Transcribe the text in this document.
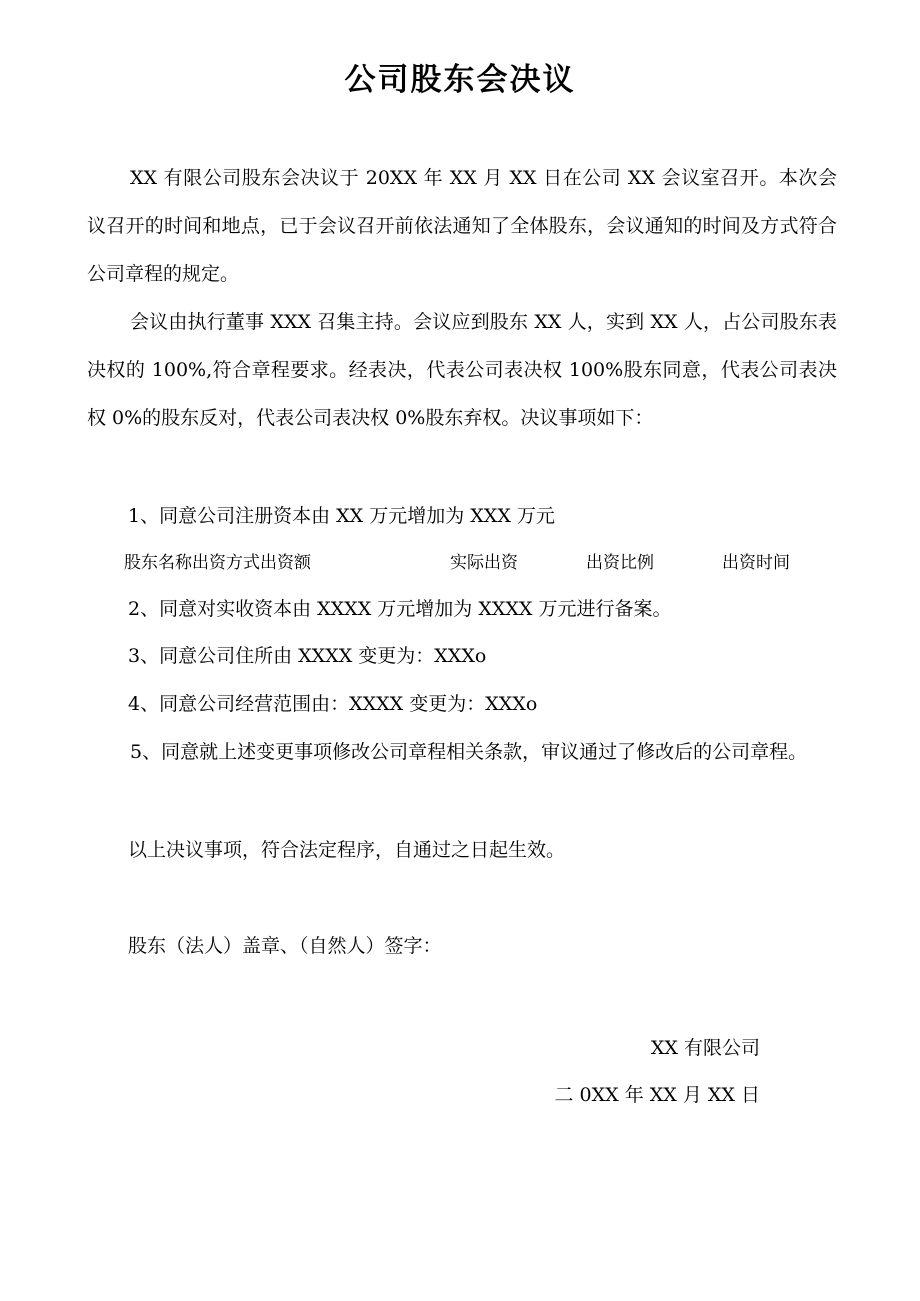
公司股东会决议
XX 有限公司股东会决议于 20XX 年 XX 月 XX 日在公司 XX 会议室召开。本次会议召开的时间和地点，已于会议召开前依法通知了全体股东，会议通知的时间及方式符合公司章程的规定。
会议由执行董事 XXX 召集主持。会议应到股东 XX 人，实到 XX 人，占公司股东表决权的 100%,符合章程要求。经表决，代表公司表决权 100%股东同意，代表公司表决权 0%的股东反对，代表公司表决权 0%股东弃权。决议事项如下：
1、同意公司注册资本由 XX 万元增加为 XXX 万元
股东名称出资方式出资额	实际出资	出资比例	出资时间
2、同意对实收资本由 XXXX 万元增加为 XXXX 万元进行备案。
3、同意公司住所由 XXXX 变更为：XXXo
4、同意公司经营范围由：XXXX 变更为：XXXo
5、同意就上述变更事项修改公司章程相关条款，审议通过了修改后的公司章程。
以上决议事项，符合法定程序，自通过之日起生效。
股东（法人）盖章、（自然人）签字：
XX 有限公司
二 0XX 年 XX 月 XX 日
